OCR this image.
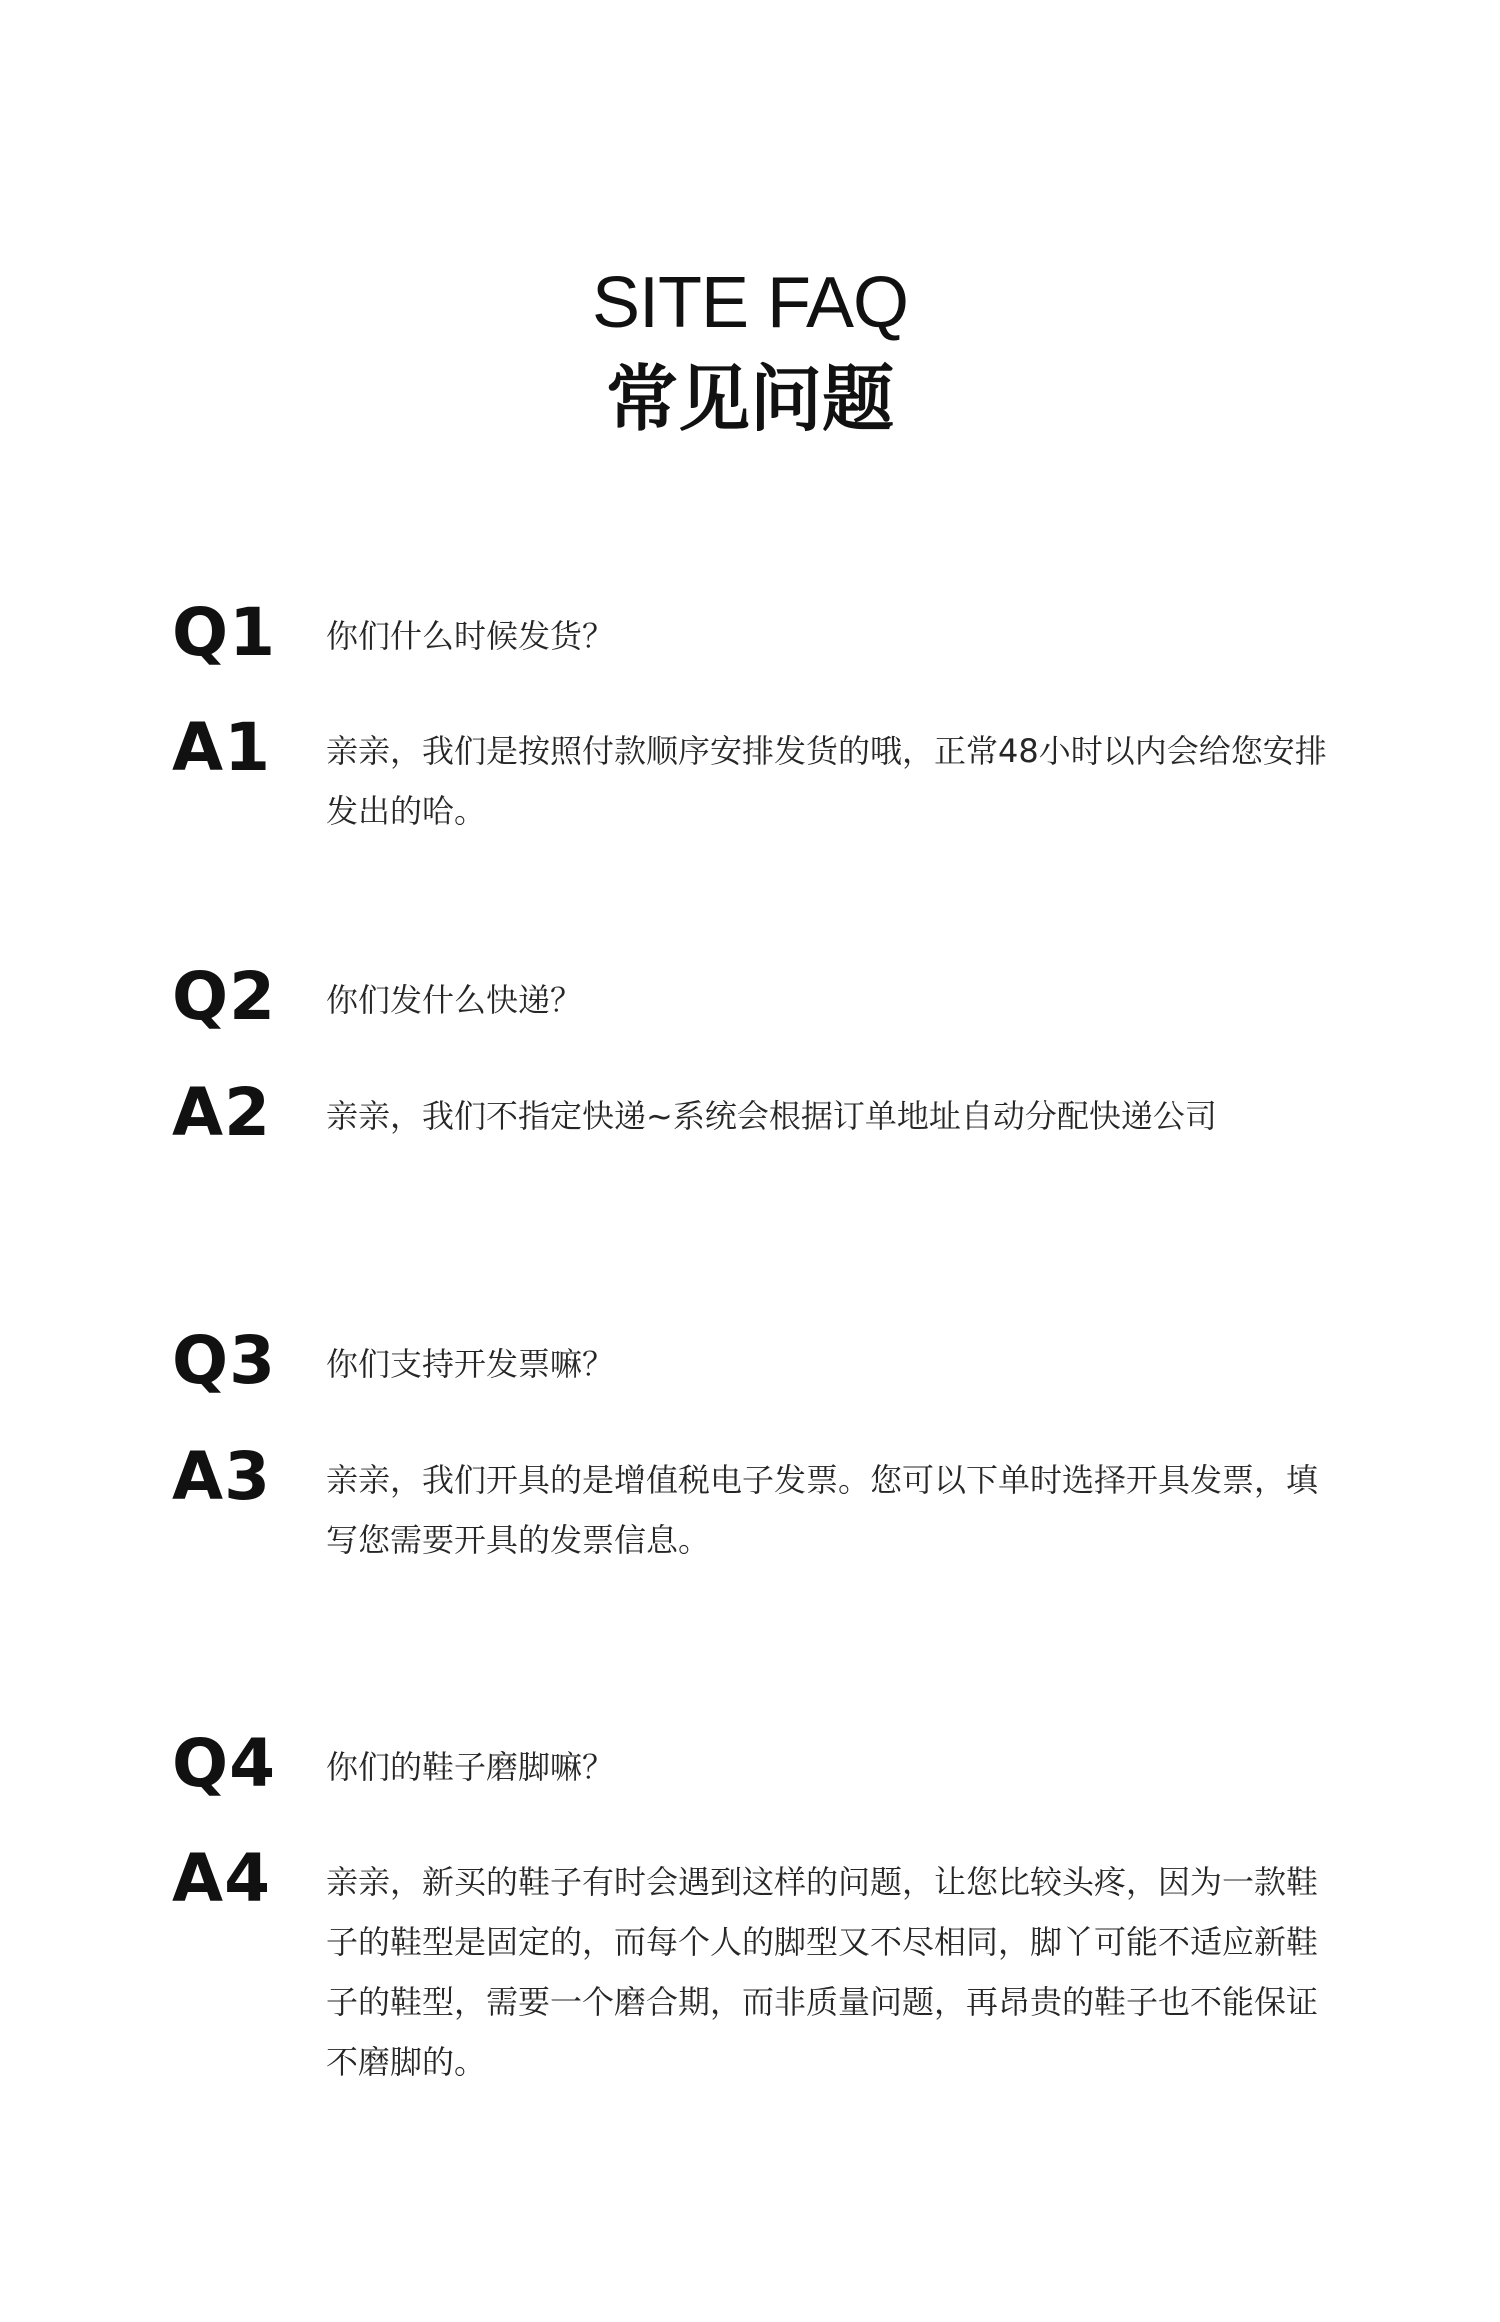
SITE FAQ
常见问题
Q1 你们什么时候发货？
A1 亲亲，我们是按照付款顺序安排发货的哦，正常48小时以内会给您安排发出的哈。
Q2 你们发什么快递？
A2 亲亲，我们不指定快递~系统会根据订单地址自动分配快递公司
Q3 你们支持开发票嘛？
A3 亲亲，我们开具的是增值税电子发票。您可以下单时选择开具发票，填写您需要开具的发票信息。
Q4 你们的鞋子磨脚嘛？
A4 亲亲，新买的鞋子有时会遇到这样的问题，让您比较头疼，因为一款鞋子的鞋型是固定的，而每个人的脚型又不尽相同，脚丫可能不适应新鞋子的鞋型，需要一个磨合期，而非质量问题，再昂贵的鞋子也不能保证不磨脚的。
